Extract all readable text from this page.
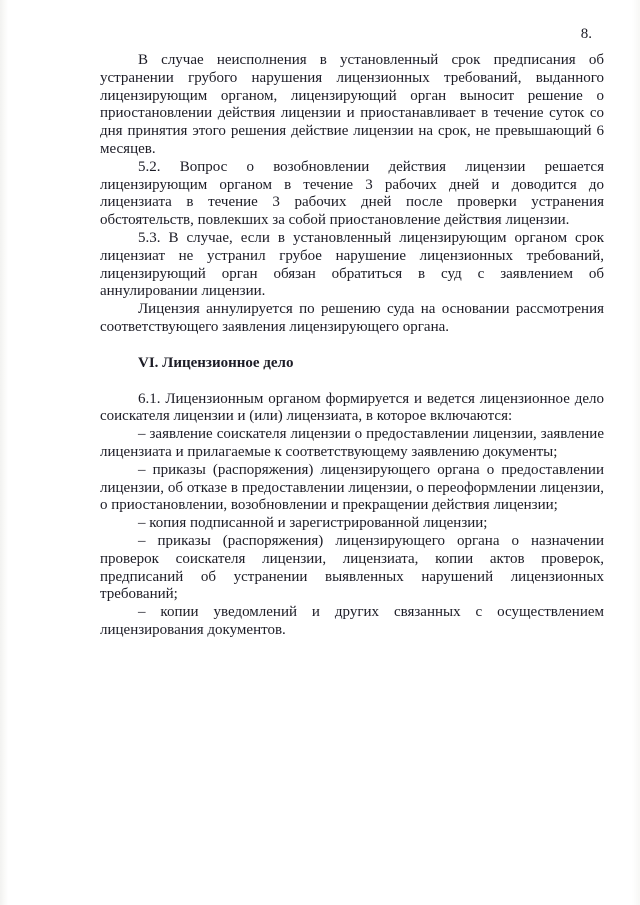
8.

В случае неисполнения в установленный срок предписания об устранении грубого нарушения лицензионных требований, выданного лицензирующим органом, лицензирующий орган выносит решение о приостановлении действия лицензии и приостанавливает в течение суток со дня принятия этого решения действие лицензии на срок, не превышающий 6 месяцев.

5.2. Вопрос о возобновлении действия лицензии решается лицензирующим органом в течение 3 рабочих дней и доводится до лицензиата в течение 3 рабочих дней после проверки устранения обстоятельств, повлекших за собой приостановление действия лицензии.

5.3. В случае, если в установленный лицензирующим органом срок лицензиат не устранил грубое нарушение лицензионных требований, лицензирующий орган обязан обратиться в суд с заявлением об аннулировании лицензии.

Лицензия аннулируется по решению суда на основании рассмотрения соответствующего заявления лицензирующего органа.

VI. Лицензионное дело

6.1. Лицензионным органом формируется и ведется лицензионное дело соискателя лицензии и (или) лицензиата, в которое включаются:

– заявление соискателя лицензии о предоставлении лицензии, заявление лицензиата и прилагаемые к соответствующему заявлению документы;

– приказы (распоряжения) лицензирующего органа о предоставлении лицензии, об отказе в предоставлении лицензии, о переоформлении лицензии, о приостановлении, возобновлении и прекращении действия лицензии;

– копия подписанной и зарегистрированной лицензии;

– приказы (распоряжения) лицензирующего органа о назначении проверок соискателя лицензии, лицензиата, копии актов проверок, предписаний об устранении выявленных нарушений лицензионных требований;

– копии уведомлений и других связанных с осуществлением лицензирования документов.
